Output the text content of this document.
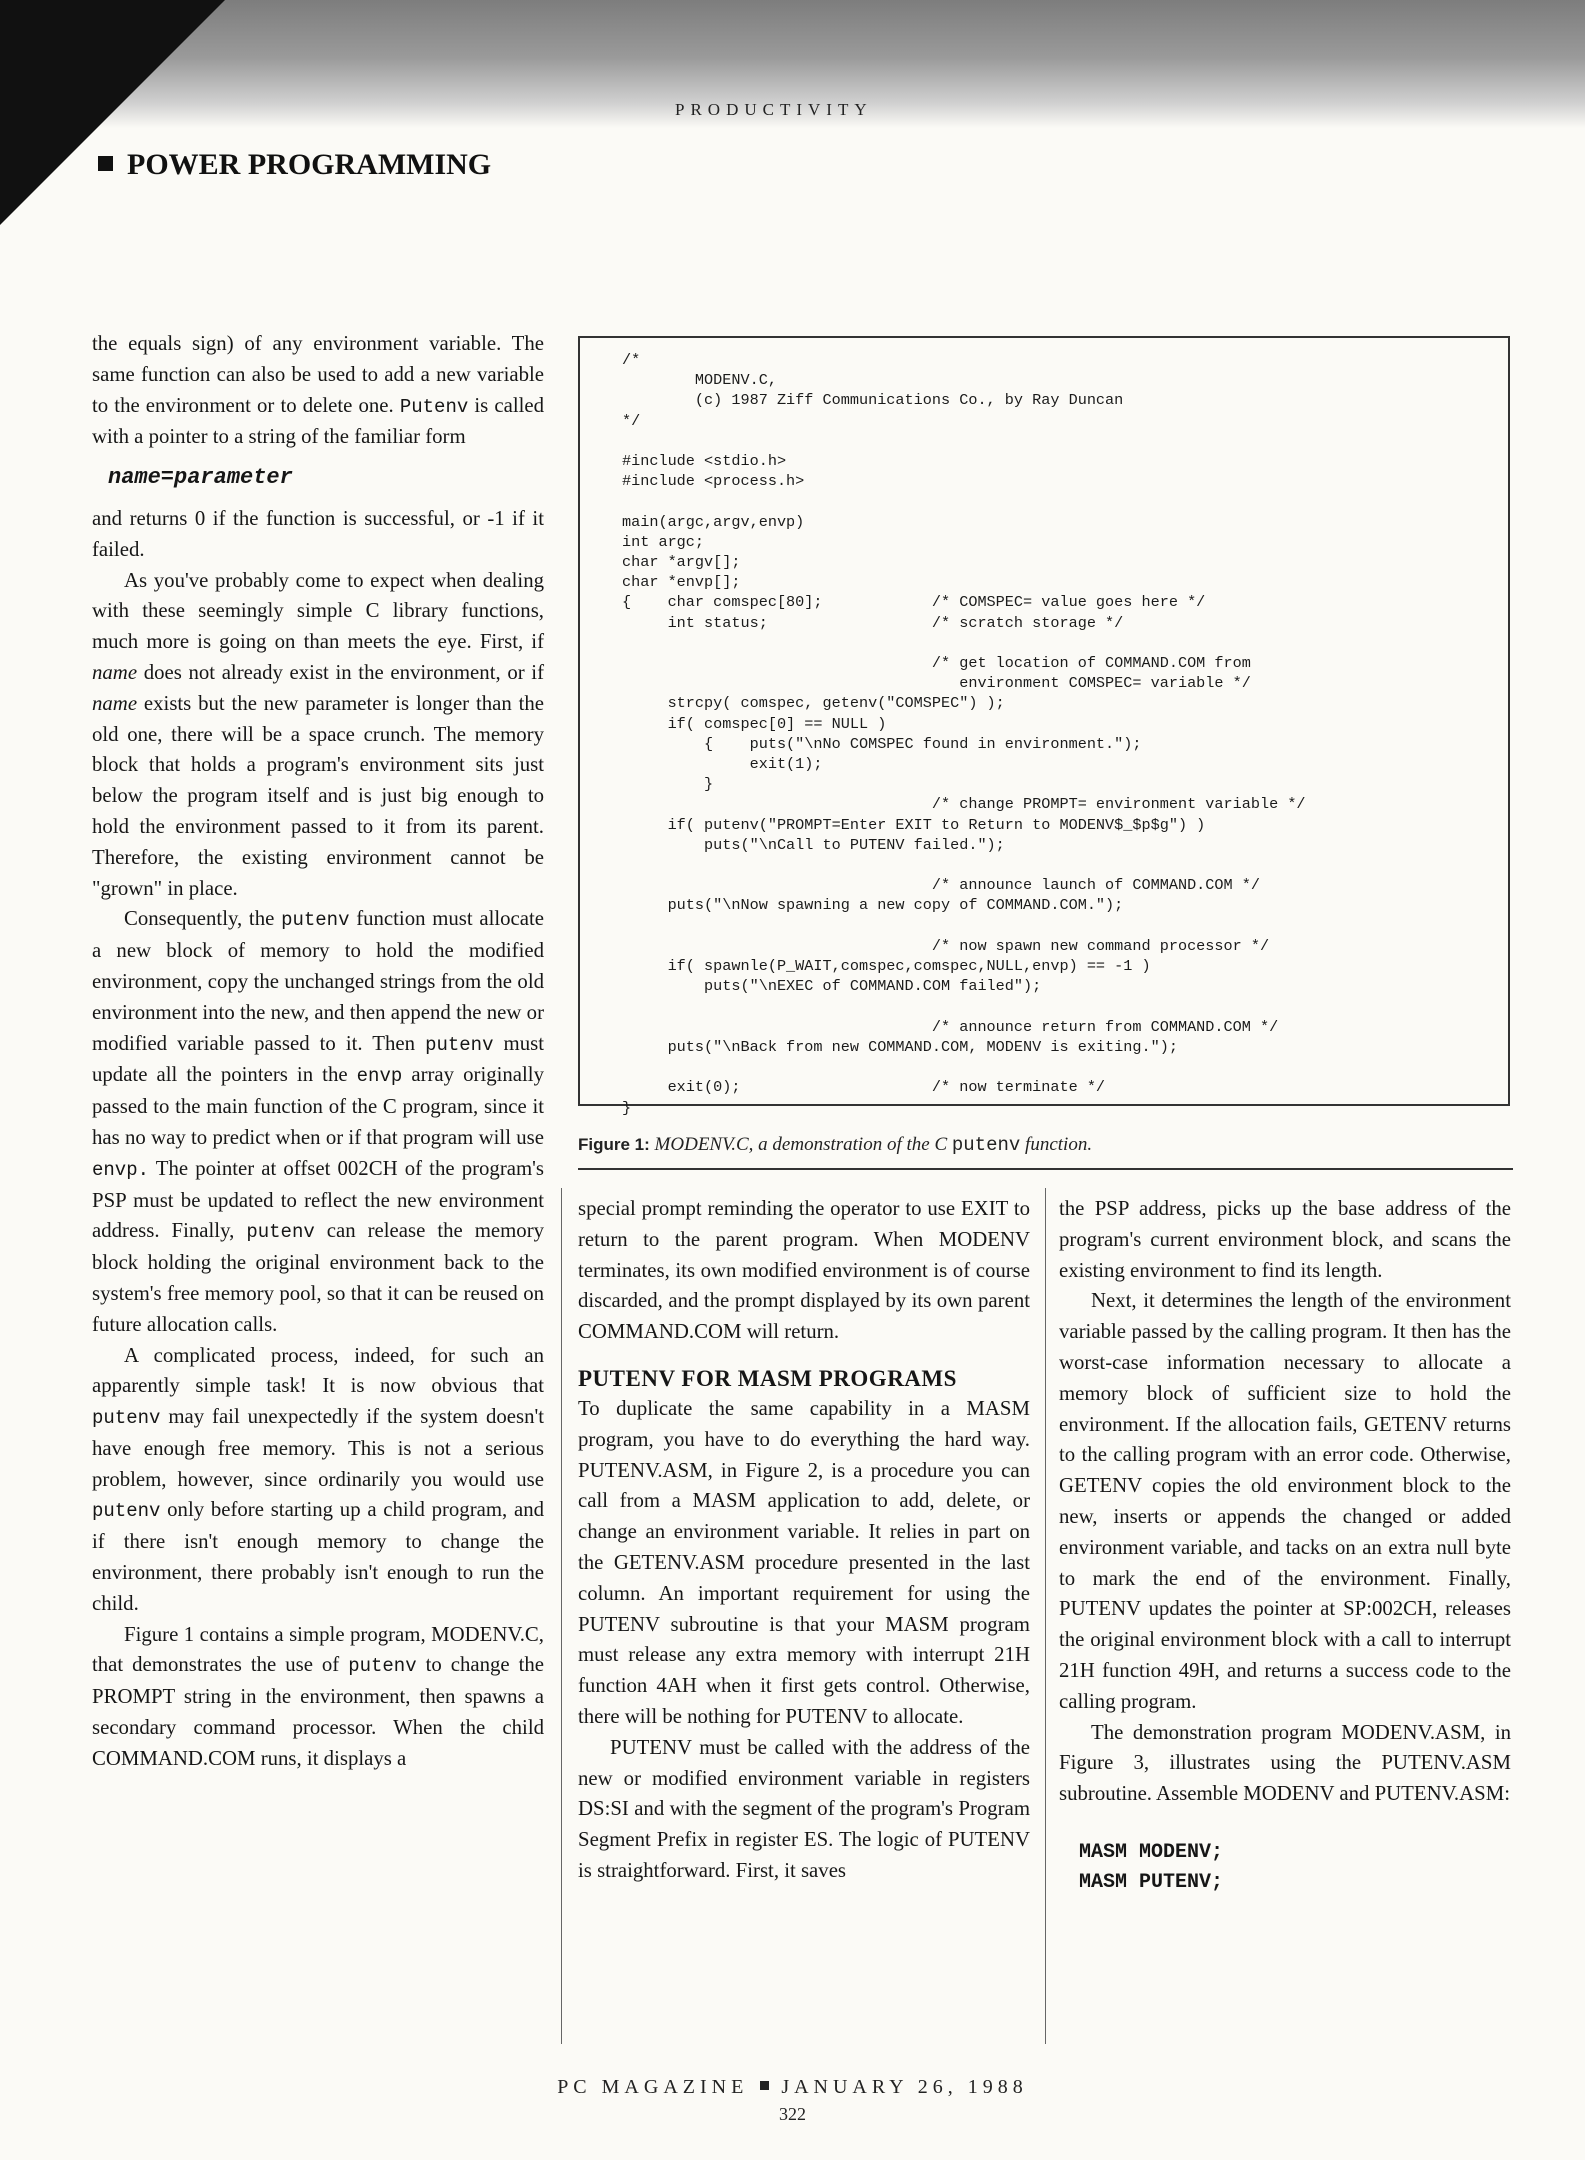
PRODUCTIVITY
POWER PROGRAMMING

the equals sign) of any environment variable. The same function can also be used to add a new variable to the environment or to delete one. Putenv is called with a pointer to a string of the familiar form

name=parameter

and returns 0 if the function is successful, or -1 if it failed.

As you've probably come to expect when dealing with these seemingly simple C library functions, much more is going on than meets the eye. First, if name does not already exist in the environment, or if name exists but the new parameter is longer than the old one, there will be a space crunch. The memory block that holds a program's environment sits just below the program itself and is just big enough to hold the environment passed to it from its parent. Therefore, the existing environment cannot be "grown" in place.

Consequently, the putenv function must allocate a new block of memory to hold the modified environment, copy the unchanged strings from the old environment into the new, and then append the new or modified variable passed to it. Then putenv must update all the pointers in the envp array originally passed to the main function of the C program, since it has no way to predict when or if that program will use envp. The pointer at offset 002CH of the program's PSP must be updated to reflect the new environment address. Finally, putenv can release the memory block holding the original environment back to the system's free memory pool, so that it can be reused on future allocation calls.

A complicated process, indeed, for such an apparently simple task! It is now obvious that putenv may fail unexpectedly if the system doesn't have enough free memory. This is not a serious problem, however, since ordinarily you would use putenv only before starting up a child program, and if there isn't enough memory to change the environment, there probably isn't enough to run the child.

Figure 1 contains a simple program, MODENV.C, that demonstrates the use of putenv to change the PROMPT string in the environment, then spawns a secondary command processor. When the child COMMAND.COM runs, it displays a

/*
MODENV.C,
(c) 1987 Ziff Communications Co., by Ray Duncan
*/

#include <stdio.h>
#include <process.h>

main(argc,argv,envp)
int argc;
char *argv[];
char *envp[];
{    char comspec[80];            /* COMSPEC= value goes here */
int status;                  /* scratch storage */

/* get location of COMMAND.COM from
environment COMSPEC= variable */
strcpy( comspec, getenv("COMSPEC") );
if( comspec[0] == NULL )
{    puts("\nNo COMSPEC found in environment.");
exit(1);
}
/* change PROMPT= environment variable */
if( putenv("PROMPT=Enter EXIT to Return to MODENV$_$p$g") )
puts("\nCall to PUTENV failed.");

/* announce launch of COMMAND.COM */
puts("\nNow spawning a new copy of COMMAND.COM.");

/* now spawn new command processor */
if( spawnle(P_WAIT,comspec,comspec,NULL,envp) == -1 )
puts("\nEXEC of COMMAND.COM failed");

/* announce return from COMMAND.COM */
puts("\nBack from new COMMAND.COM, MODENV is exiting.");

exit(0);                     /* now terminate */
}
Figure 1: MODENV.C, a demonstration of the C putenv function.

special prompt reminding the operator to use EXIT to return to the parent program. When MODENV terminates, its own modified environment is of course discarded, and the prompt displayed by its own parent COMMAND.COM will return.

PUTENV FOR MASM PROGRAMS

To duplicate the same capability in a MASM program, you have to do everything the hard way. PUTENV.ASM, in Figure 2, is a procedure you can call from a MASM application to add, delete, or change an environment variable. It relies in part on the GETENV.ASM procedure presented in the last column. An important requirement for using the PUTENV subroutine is that your MASM program must release any extra memory with interrupt 21H function 4AH when it first gets control. Otherwise, there will be nothing for PUTENV to allocate.

PUTENV must be called with the address of the new or modified environment variable in registers DS:SI and with the segment of the program's Program Segment Prefix in register ES. The logic of PUTENV is straightforward. First, it saves

the PSP address, picks up the base address of the program's current environment block, and scans the existing environment to find its length.

Next, it determines the length of the environment variable passed by the calling program. It then has the worst-case information necessary to allocate a memory block of sufficient size to hold the environment. If the allocation fails, GETENV returns to the calling program with an error code. Otherwise, GETENV copies the old environment block to the new, inserts or appends the changed or added environment variable, and tacks on an extra null byte to mark the end of the environment. Finally, PUTENV updates the pointer at SP:002CH, releases the original environment block with a call to interrupt 21H function 49H, and returns a success code to the calling program.

The demonstration program MODENV.ASM, in Figure 3, illustrates using the PUTENV.ASM subroutine. Assemble MODENV and PUTENV.ASM:

MASM MODENV;
MASM PUTENV;
PC MAGAZINE JANUARY 26, 1988
322
